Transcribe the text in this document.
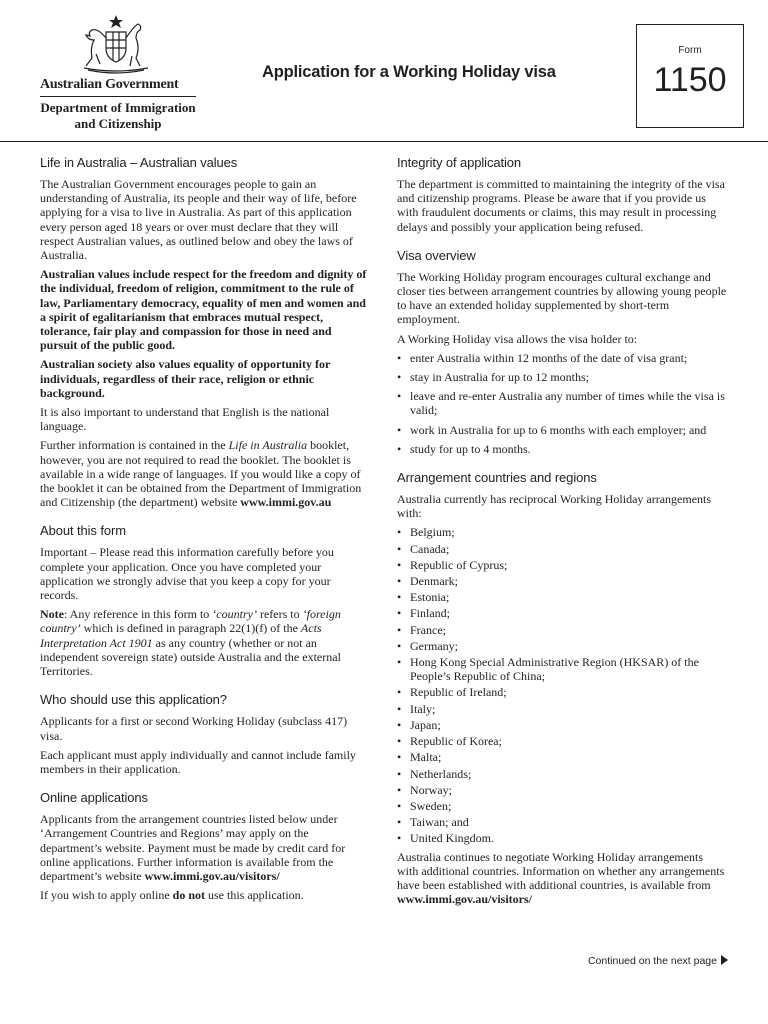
Australian Government
Department of Immigration and Citizenship
Application for a Working Holiday visa
Form
1150
Life in Australia – Australian values

The Australian Government encourages people to gain an understanding of Australia, its people and their way of life, before applying for a visa to live in Australia. As part of this application every person aged 18 years or over must declare that they will respect Australian values, as outlined below and obey the laws of Australia.

Australian values include respect for the freedom and dignity of the individual, freedom of religion, commitment to the rule of law, Parliamentary democracy, equality of men and women and a spirit of egalitarianism that embraces mutual respect, tolerance, fair play and compassion for those in need and pursuit of the public good.

Australian society also values equality of opportunity for individuals, regardless of their race, religion or ethnic background.

It is also important to understand that English is the national language.

Further information is contained in the Life in Australia booklet, however, you are not required to read the booklet. The booklet is available in a wide range of languages. If you would like a copy of the booklet it can be obtained from the Department of Immigration and Citizenship (the department) website www.immi.gov.au

About this form

Important – Please read this information carefully before you complete your application. Once you have completed your application we strongly advise that you keep a copy for your records.

Note: Any reference in this form to ‘country’ refers to ‘foreign country’ which is defined in paragraph 22(1)(f) of the Acts Interpretation Act 1901 as any country (whether or not an independent sovereign state) outside Australia and the external Territories.

Who should use this application?

Applicants for a first or second Working Holiday (subclass 417) visa.

Each applicant must apply individually and cannot include family members in their application.

Online applications

Applicants from the arrangement countries listed below under ‘Arrangement Countries and Regions’ may apply on the department’s website. Payment must be made by credit card for online applications. Further information is available from the department’s website www.immi.gov.au/visitors/

If you wish to apply online do not use this application.

Integrity of application

The department is committed to maintaining the integrity of the visa and citizenship programs. Please be aware that if you provide us with fraudulent documents or claims, this may result in processing delays and possibly your application being refused.

Visa overview

The Working Holiday program encourages cultural exchange and closer ties between arrangement countries by allowing young people to have an extended holiday supplemented by short-term employment.

A Working Holiday visa allows the visa holder to:

• enter Australia within 12 months of the date of visa grant;
• stay in Australia for up to 12 months;
• leave and re-enter Australia any number of times while the visa is valid;
• work in Australia for up to 6 months with each employer; and
• study for up to 4 months.
Arrangement countries and regions

Australia currently has reciprocal Working Holiday arrangements with:

• Belgium;
• Canada;
• Republic of Cyprus;
• Denmark;
• Estonia;
• Finland;
• France;
• Germany;
• Hong Kong Special Administrative Region (HKSAR) of the People’s Republic of China;
• Republic of Ireland;
• Italy;
• Japan;
• Republic of Korea;
• Malta;
• Netherlands;
• Norway;
• Sweden;
• Taiwan; and
• United Kingdom.

Australia continues to negotiate Working Holiday arrangements with additional countries. Information on whether any arrangements have been established with additional countries, is available from www.immi.gov.au/visitors/

Continued on the next page
